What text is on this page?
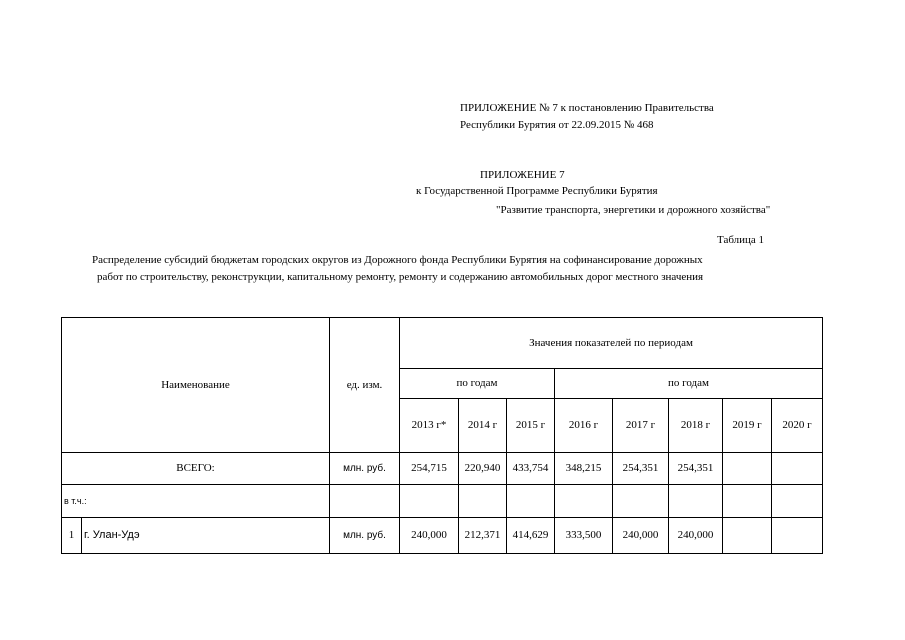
ПРИЛОЖЕНИЕ № 7 к постановлению Правительства
Республики Бурятия от 22.09.2015 № 468
ПРИЛОЖЕНИЕ 7
к Государственной Программе Республики Бурятия
"Развитие транспорта, энергетики и дорожного хозяйства"
Таблица 1
Распределение субсидий бюджетам городских округов из Дорожного фонда Республики Бурятия на софинансирование дорожных
работ по строительству, реконструкции, капитальному ремонту, ремонту и содержанию автомобильных дорог местного значения
Наименование	ед. изм.
Значения показателей по периодам
по годам	по годам
2013 г*	2014 г	2015 г	2016 г	2017 г	2018 г	2019 г	2020 г
ВСЕГО:	млн. руб.	254,715	220,940	433,754	348,215	254,351	254,351
в т.ч.:
1 г. Улан-Удэ	млн. руб.	240,000	212,371	414,629	333,500	240,000	240,000
